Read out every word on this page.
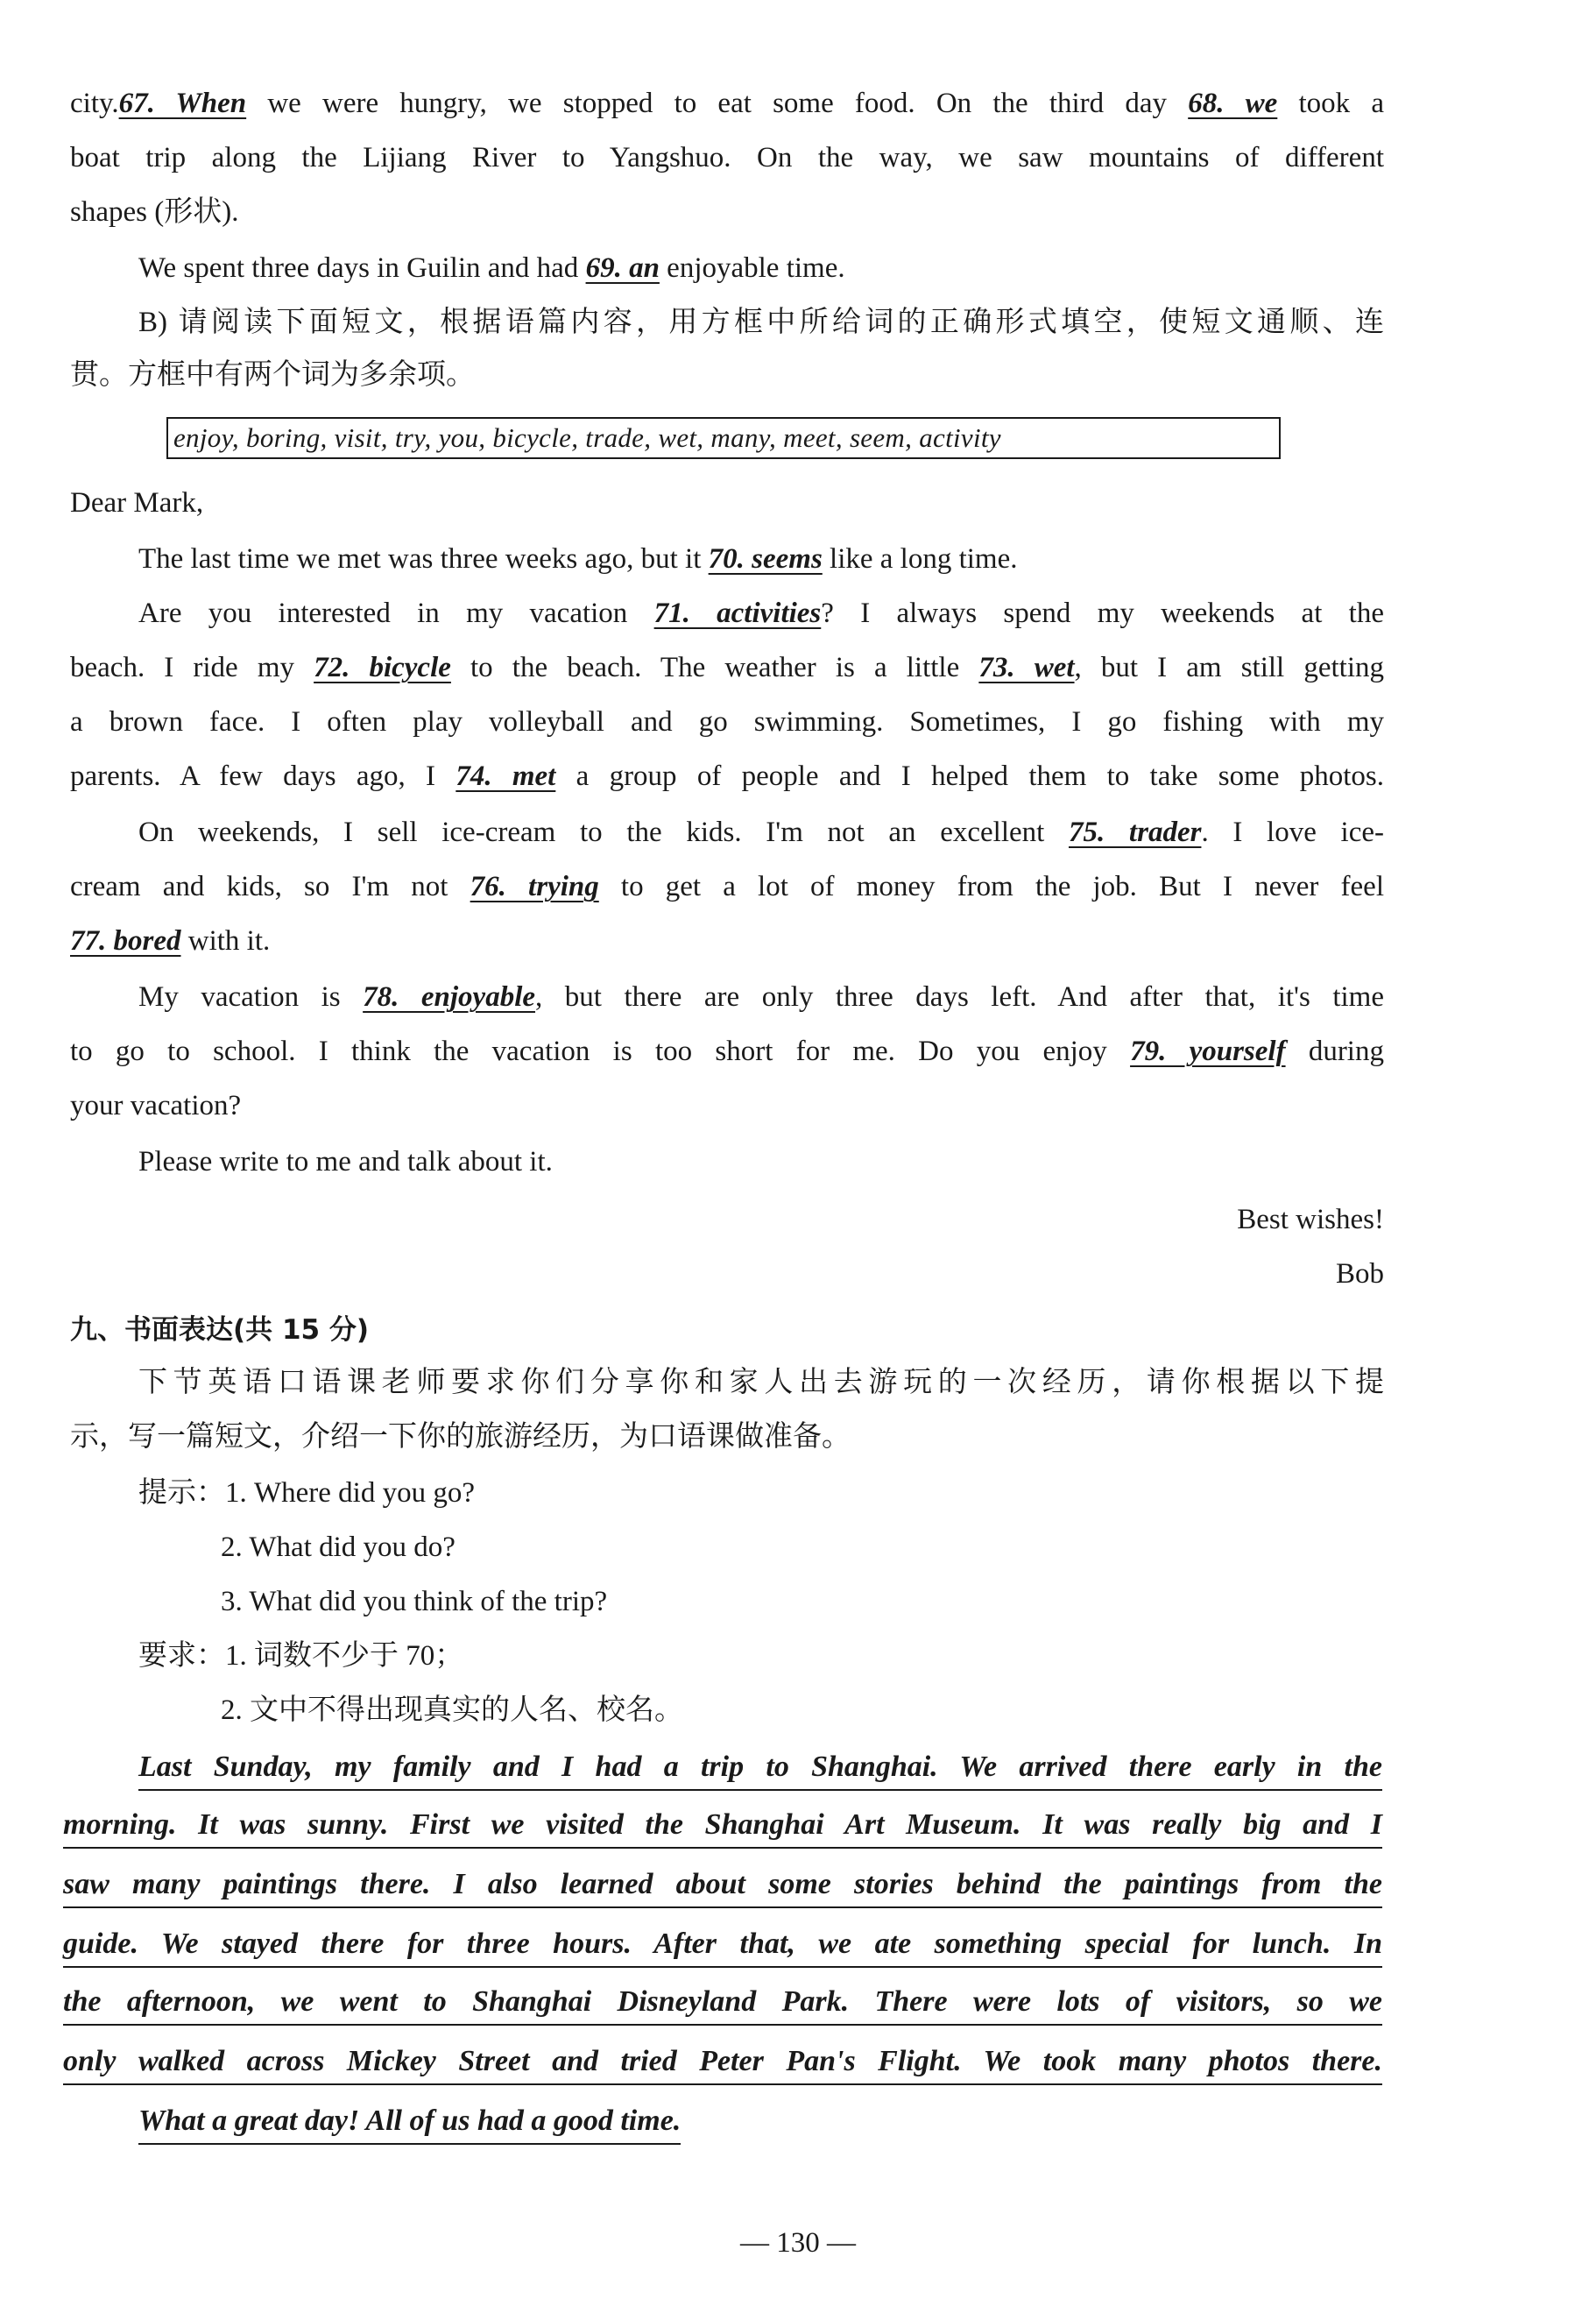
city.67. When we were hungry, we stopped to eat some food. On the third day 68. we took a
boat trip along the Lijiang River to Yangshuo. On the way, we saw mountains of different
shapes (形状).
We spent three days in Guilin and had 69. an enjoyable time.
B) 请阅读下面短文，根据语篇内容，用方框中所给词的正确形式填空，使短文通顺、连
贯。方框中有两个词为多余项。
enjoy, boring, visit, try, you, bicycle, trade, wet, many, meet, seem, activity
Dear Mark,
The last time we met was three weeks ago, but it 70. seems like a long time.
Are you interested in my vacation 71. activities? I always spend my weekends at the
beach. I ride my 72. bicycle to the beach. The weather is a little 73. wet, but I am still getting
a brown face. I often play volleyball and go swimming. Sometimes, I go fishing with my
parents. A few days ago, I 74. met a group of people and I helped them to take some photos.
On weekends, I sell ice-cream to the kids. I'm not an excellent 75. trader. I love ice-
cream and kids, so I'm not 76. trying to get a lot of money from the job. But I never feel
77. bored with it.
My vacation is 78. enjoyable, but there are only three days left. And after that, it's time
to go to school. I think the vacation is too short for me. Do you enjoy 79. yourself during
your vacation?
Please write to me and talk about it.
Best wishes!
Bob
九、书面表达(共 15 分)
下节英语口语课老师要求你们分享你和家人出去游玩的一次经历，请你根据以下提
示，写一篇短文，介绍一下你的旅游经历，为口语课做准备。
提示：1. Where did you go?
2. What did you do?
3. What did you think of the trip?
要求：1. 词数不少于 70；
2. 文中不得出现真实的人名、校名。
Last Sunday, my family and I had a trip to Shanghai. We arrived there early in the
morning. It was sunny. First we visited the Shanghai Art Museum. It was really big and I
saw many paintings there. I also learned about some stories behind the paintings from the
guide. We stayed there for three hours. After that, we ate something special for lunch. In
the afternoon, we went to Shanghai Disneyland Park. There were lots of visitors, so we
only walked across Mickey Street and tried Peter Pan's Flight. We took many photos there.
What a great day! All of us had a good time.
— 130 —
